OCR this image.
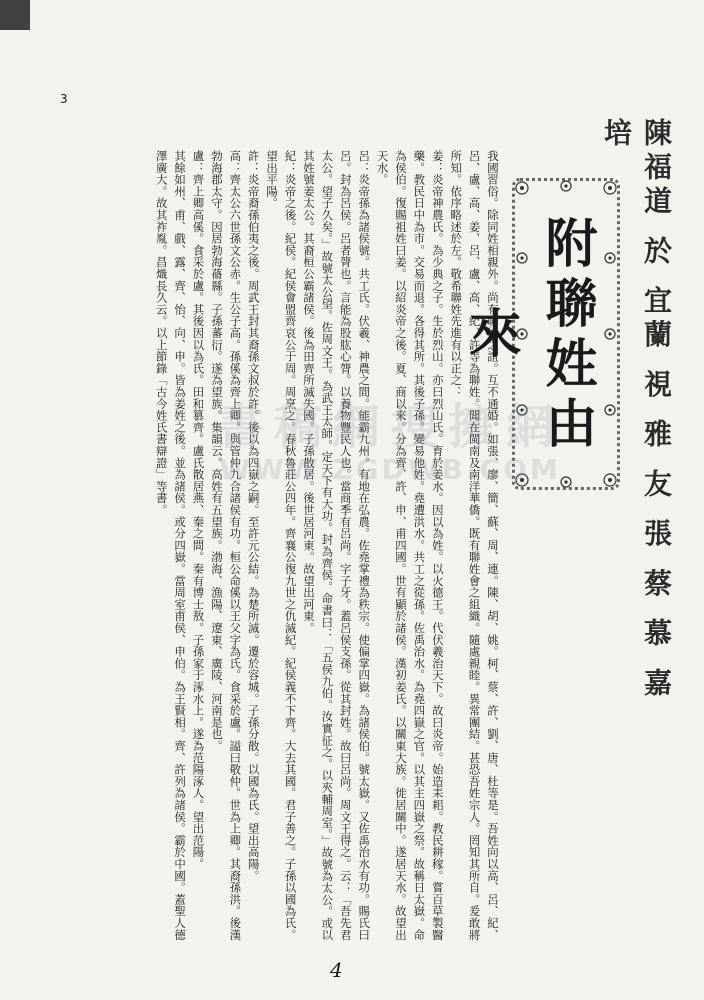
3
陳福道 於 宜蘭 視 雅 友 張 蔡 慕 嘉 培
附聯姓由來

我國習俗。除同姓相親外。尚有聯姓之誼。互不通婚。如張、廖、簡、蘇、周、連。陳、胡、姚。柯、蔡、許、劉、唐、杜等是。吾姓向以高、呂、紀、呂、盧、高、姜、呂、盧、高、紀、許等為聯姓。聞在閩南及南洋華僑。既有聯姓會之組織。隨處親睦。異常團結。甚恐吾姓宗人。罔知其所自。爰敢將所知。依序略述於左。敬希聯姓先進有以正之：

姜：炎帝神農氏。為少典之子。生於烈山。亦曰烈山氏。育於姜水。因以為姓。以火德王。代伏羲治天下。故曰炎帝。始造耒耜。教民耕稼。嘗百草製醫藥。教民日中為市。交易而退。各得其所。其後子孫。變易他姓。堯遭洪水。共工之從孫。佐禹治水。為堯四嶽之官。以其主四嶽之祭。故稱日太嶽。命為侯伯。復賜祖姓曰姜。以紹炎帝之後。夏、商以來。分為齊、許、申、甫四國。世有顯於諸侯。漢初姜氏。以關東大族。徙居關中。遂居天水。故望出天水。

呂：炎帝孫為諸侯號。共工氏。伏羲、神農之間。能霸九州。有地在弘農。佐堯掌禮為秩宗。使偏掌四嶽。為諸侯伯。號太嶽。又佐禹治水有功。賜氏曰呂。封為呂侯。呂者膂也。言能為股肱心膂。以養物豐民人也。當商季有呂尚。字子牙。蓋呂侯支孫。從其封姓。故曰呂尚。周文王得之。云：「吾先君太公。望子久矣。」故號太公望。佐周文王。為武王太師。定天下有大功。封為齊侯。命書曰：「五侯九伯。汝實征之。以夾輔周室。」故號為太公。或以其姓號姜太公。其裔桓公霸諸侯。後為田齊所滅失國。子孫散居。後世居河東。故望出河東。

紀：炎帝之後。紀侯。紀侯會盟齊哀公于周。周烹之。春秋魯莊公四年。齊襄公復九世之仇滅紀。紀侯義不下齊。大去其國。君子善之。子孫以國為氏。望出平陽。

許：炎帝裔孫伯夷之後。周武王封其裔孫文叔於許。後以為四嶽之嗣。至許元公結。為楚所滅。遷於容城。子孫分散。以國為氏。望出高陽。

高：齊太公六世孫文公赤。生公子高。孫傒為齊上卿。與管仲九合諸侯有功。桓公命傒以王父字為氏。食采於盧。謚曰敬仲。世為上卿。其裔孫洪。後漢勃海郡太守。因居勃海蓨縣。子孫蕃衍。遂為望族。集韻云。高姓有五望族。渤海、漁陽、遼東、廣陵、河南是也。

盧：齊上卿高傒。食采於盧。其後因以為氏。田和篡齊。盧氏散居燕、秦之間。秦有博士敖。子孫家于涿水上。遂為范陽涿人。望出范陽。

其餘如州、甫、戲、露、齊、怡、向、申。皆為姜姓之後。並為諸侯。或分四嶽。當周室甫侯、申伯。為王賢相。齊、許列為諸侯。霸於中國。蓋聖人德澤廣大。故其祚胤。昌熾長久云。以上節錄「古今姓氏書辯證」等書。 書稿網搜擁網
WWW.ZGDWB.COM
4
